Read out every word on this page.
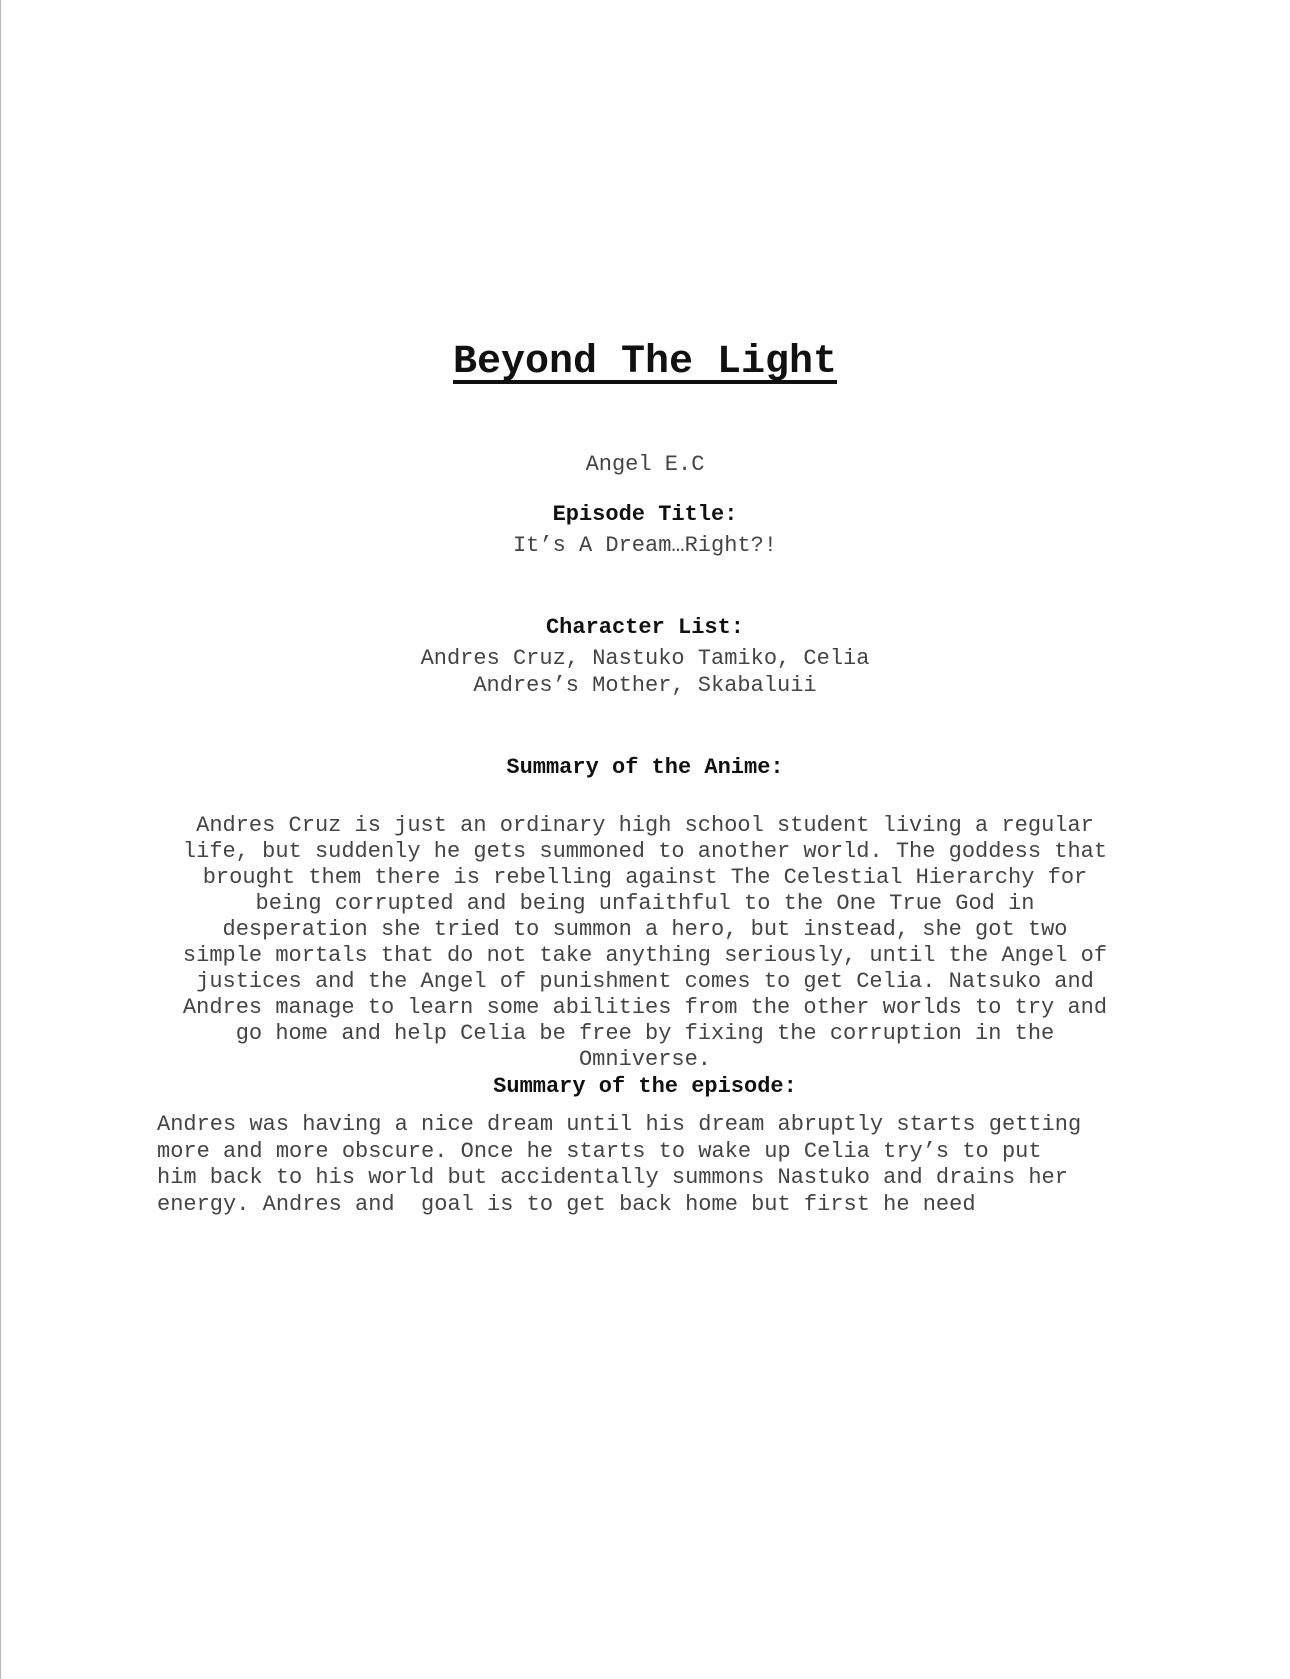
Beyond The Light
Angel E.C
Episode Title:
It’s A Dream…Right?!
Character List:
Andres Cruz, Nastuko Tamiko, Celia
Andres’s Mother, Skabaluii
Summary of the Anime:
Andres Cruz is just an ordinary high school student living a regular
life, but suddenly he gets summoned to another world. The goddess that
brought them there is rebelling against The Celestial Hierarchy for
being corrupted and being unfaithful to the One True God in
desperation she tried to summon a hero, but instead, she got two
simple mortals that do not take anything seriously, until the Angel of
justices and the Angel of punishment comes to get Celia. Natsuko and
Andres manage to learn some abilities from the other worlds to try and
go home and help Celia be free by fixing the corruption in the
Omniverse.
Summary of the episode:
Andres was having a nice dream until his dream abruptly starts getting
more and more obscure. Once he starts to wake up Celia try’s to put
him back to his world but accidentally summons Nastuko and drains her
energy. Andres and  goal is to get back home but first he need
